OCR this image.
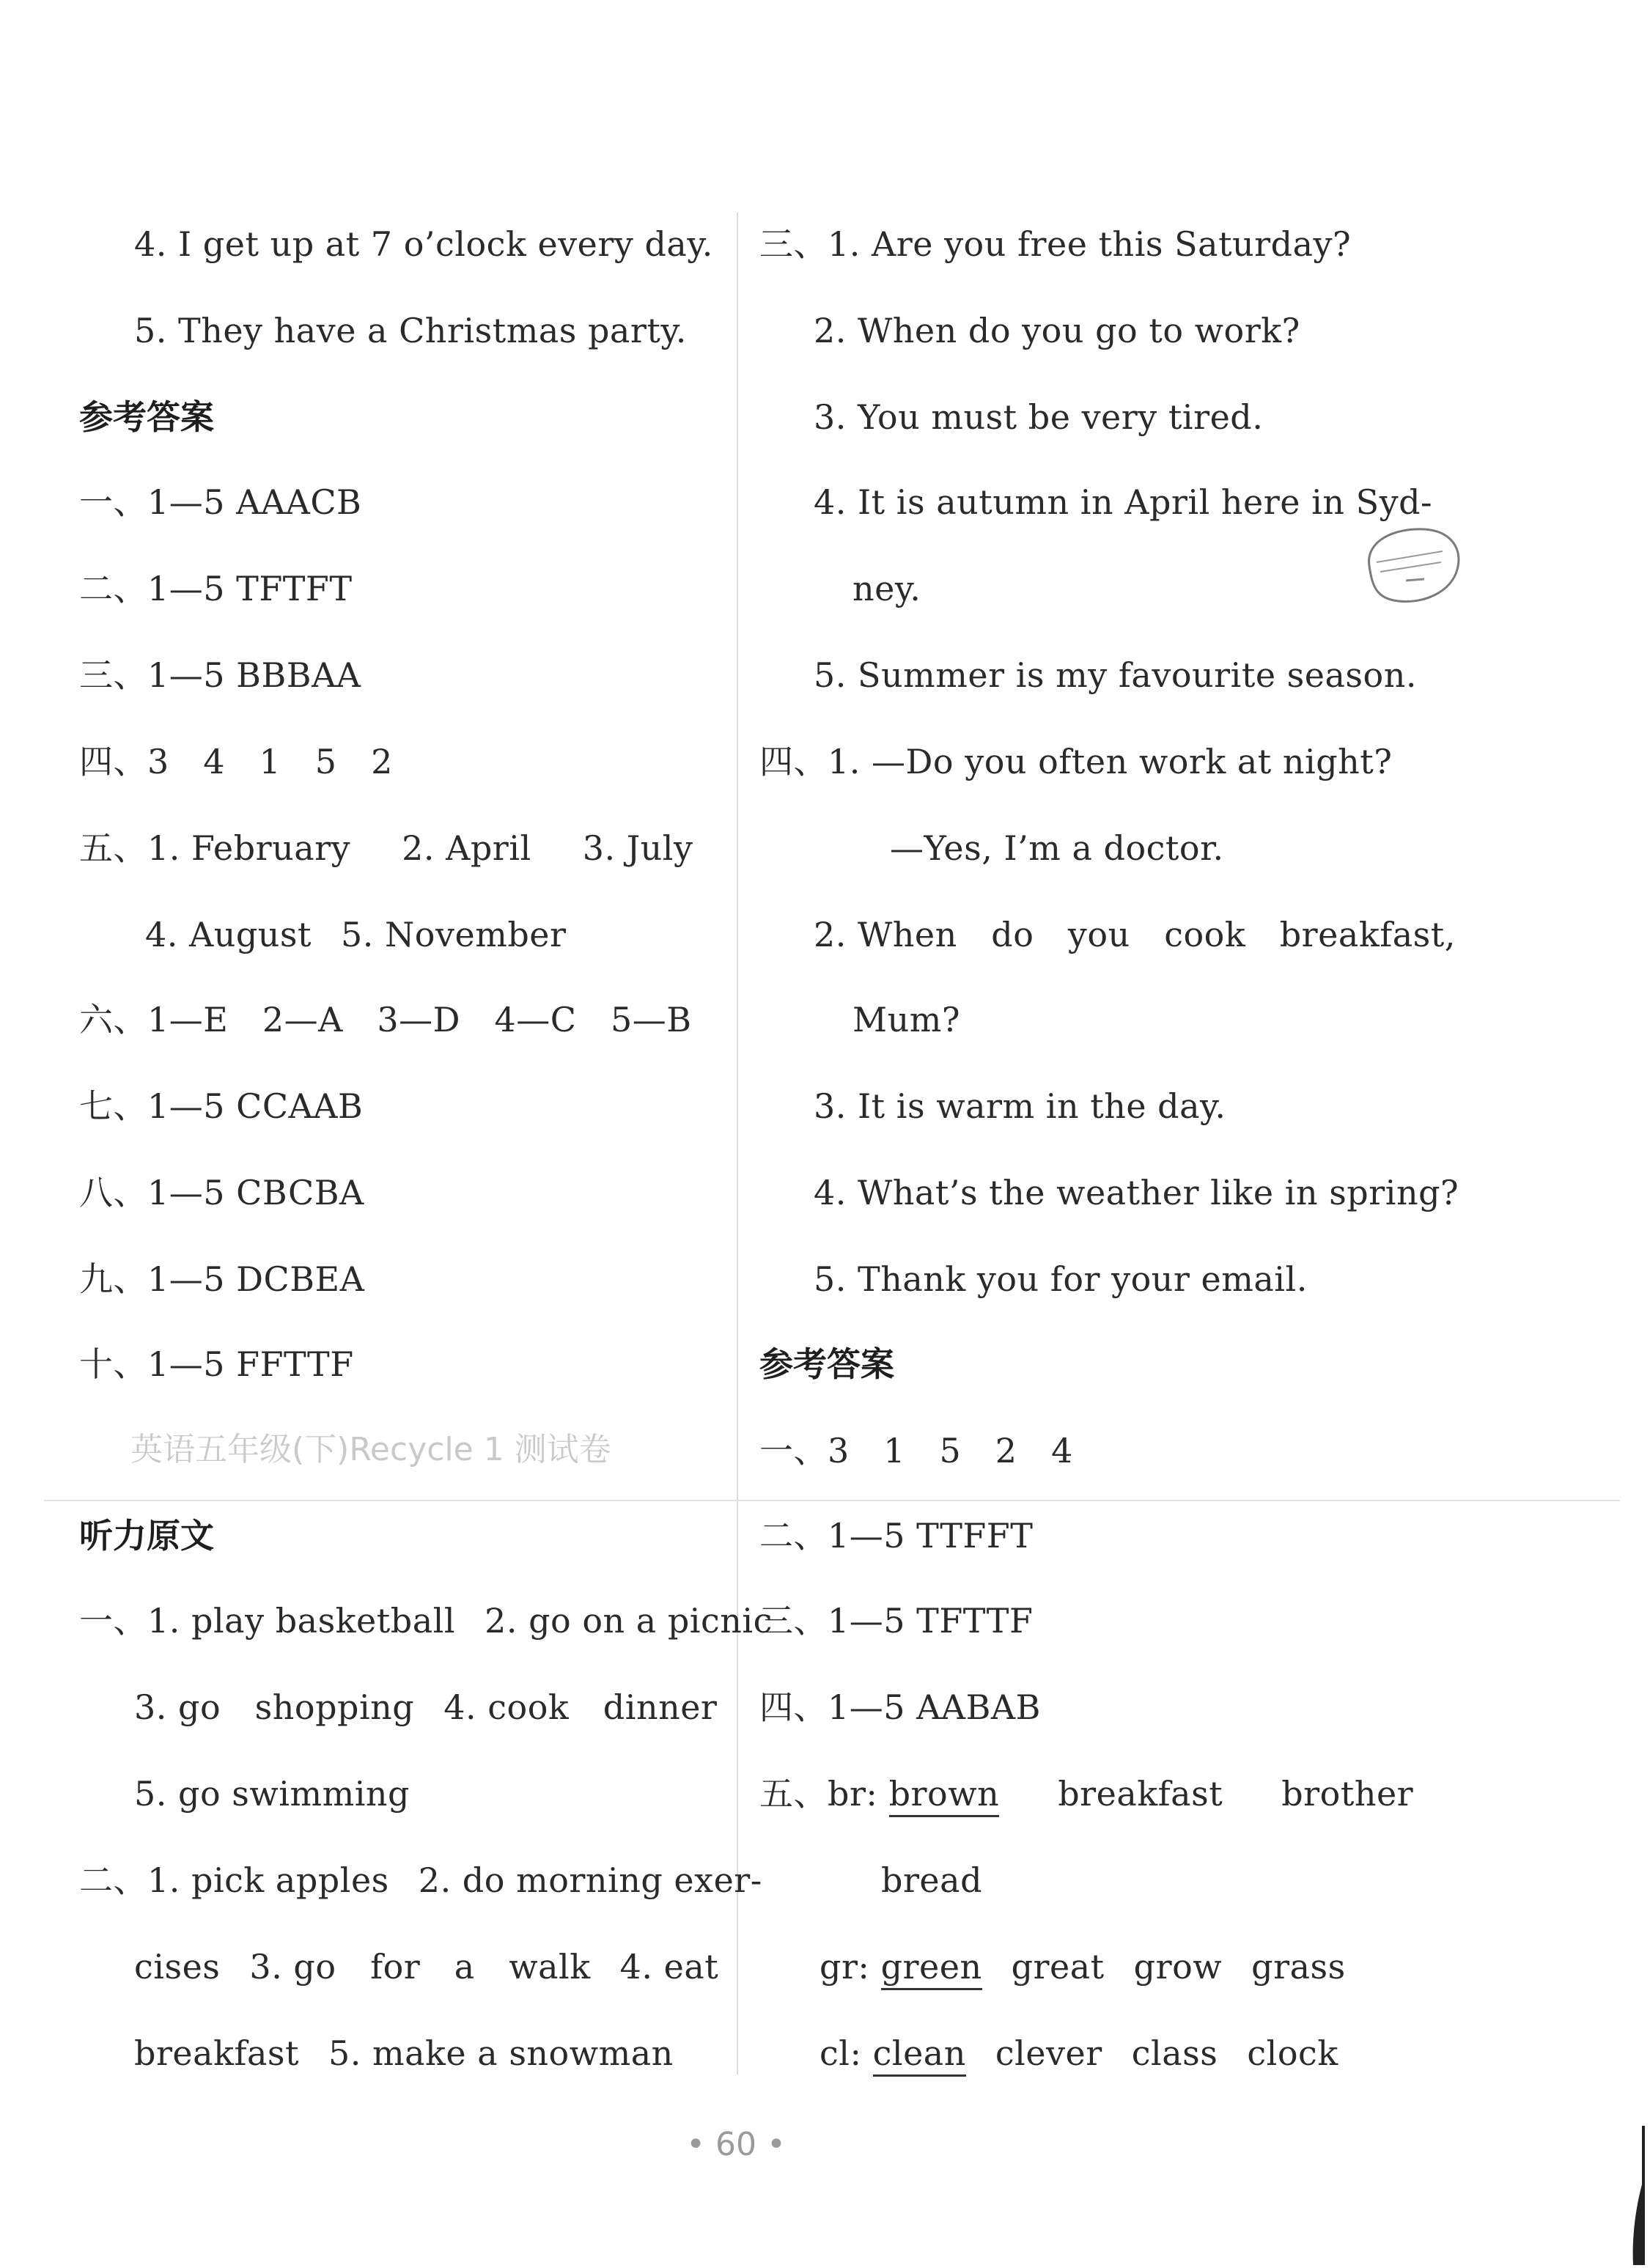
4. I get up at 7 o’clock every day.
5. They have a Christmas party.
参考答案
一、1—5 AAACB
二、1—5 TFTFT
三、1—5 BBBAA
四、3　4　1　5　2
五、1. February 2. April 3. July
4. August 5. November
六、1—E　2—A　3—D　4—C　5—B
七、1—5 CCAAB
八、1—5 CBCBA
九、1—5 DCBEA
十、1—5 FFTTF
英语五年级(下)Recycle 1 测试卷
听力原文
一、1. play basketball 2. go on a picnic
3. go　shopping 4. cook　dinner
5. go swimming
二、1. pick apples 2. do morning exer-
cises 3. go　for　a　walk 4. eat
breakfast 5. make a snowman
三、1. Are you free this Saturday?
2. When do you go to work?
3. You must be very tired.
4. It is autumn in April here in Syd-
ney.
5. Summer is my favourite season.
四、1. —Do you often work at night?
—Yes, I’m a doctor.
2. When　do　you　cook　breakfast,
Mum?
3. It is warm in the day.
4. What’s the weather like in spring?
5. Thank you for your email.
参考答案
一、3　1　5　2　4
二、1—5 TTFFT
三、1—5 TFTTF
四、1—5 AABAB
五、br: brown breakfast brother
bread
gr: green great grow grass
cl: clean clever class clock
• 60 •
